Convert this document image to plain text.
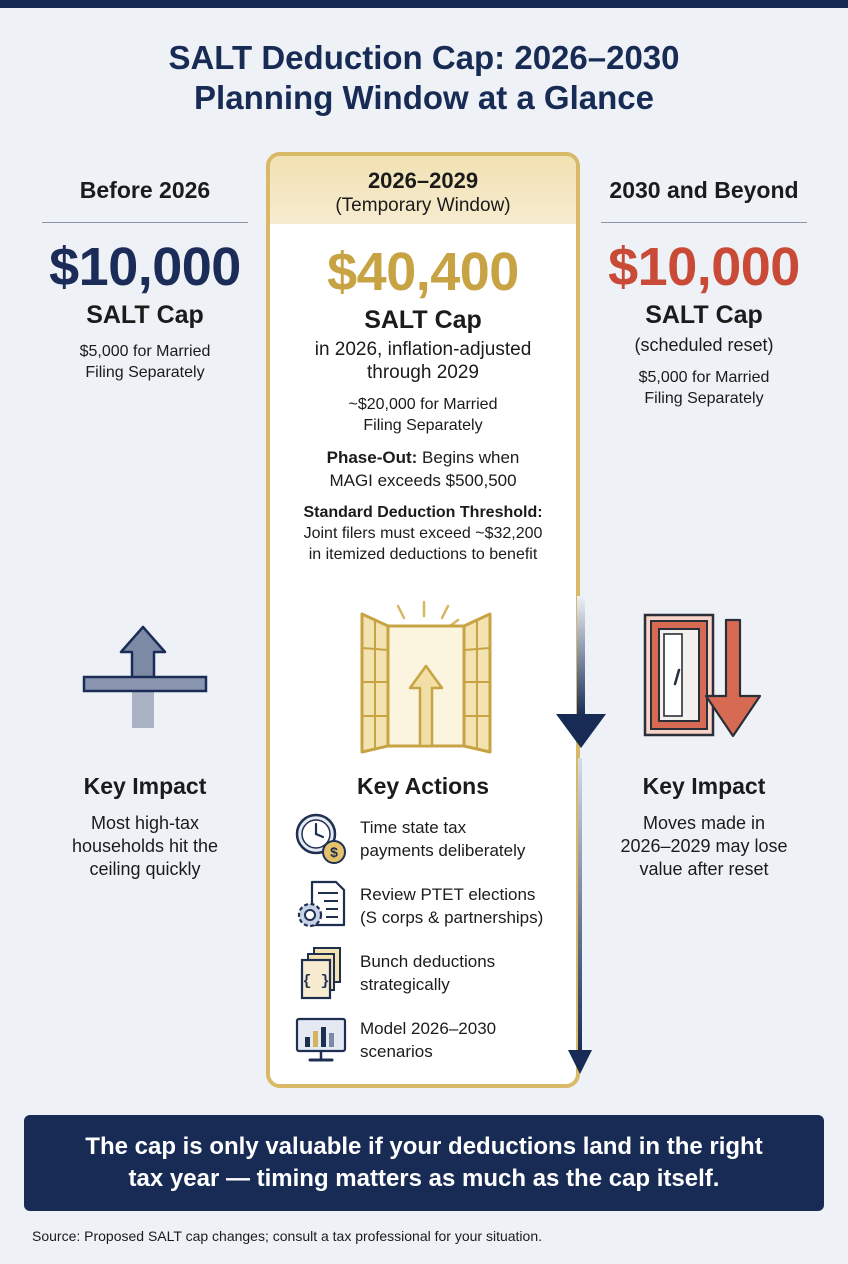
SALT Deduction Cap: 2026–2030
Planning Window at a Glance
Before 2026
$10,000
SALT Cap
$5,000 for Married
Filing Separately
2030 and Beyond
$10,000
SALT Cap
(scheduled reset)
$5,000 for Married
Filing Separately
2026–2029
(Temporary Window)
$40,400
SALT Cap
in 2026, inflation-adjusted
through 2029
~$20,000 for Married
Filing Separately
Phase-Out: Begins when
MAGI exceeds $500,500
Standard Deduction Threshold:
Joint filers must exceed ~$32,200
in itemized deductions to benefit
Key Impact
Most high-tax
households hit the
ceiling quickly
Key Actions	Key Impact
Moves made in
2026–2029 may lose
value after reset
$
Time state tax
payments deliberately
Review PTET elections
(S corps & partnerships)
{ }
Bunch deductions
strategically
Model 2026–2030
scenarios
The cap is only valuable if your deductions land in the right
tax year — timing matters as much as the cap itself.
Source: Proposed SALT cap changes; consult a tax professional for your situation.
